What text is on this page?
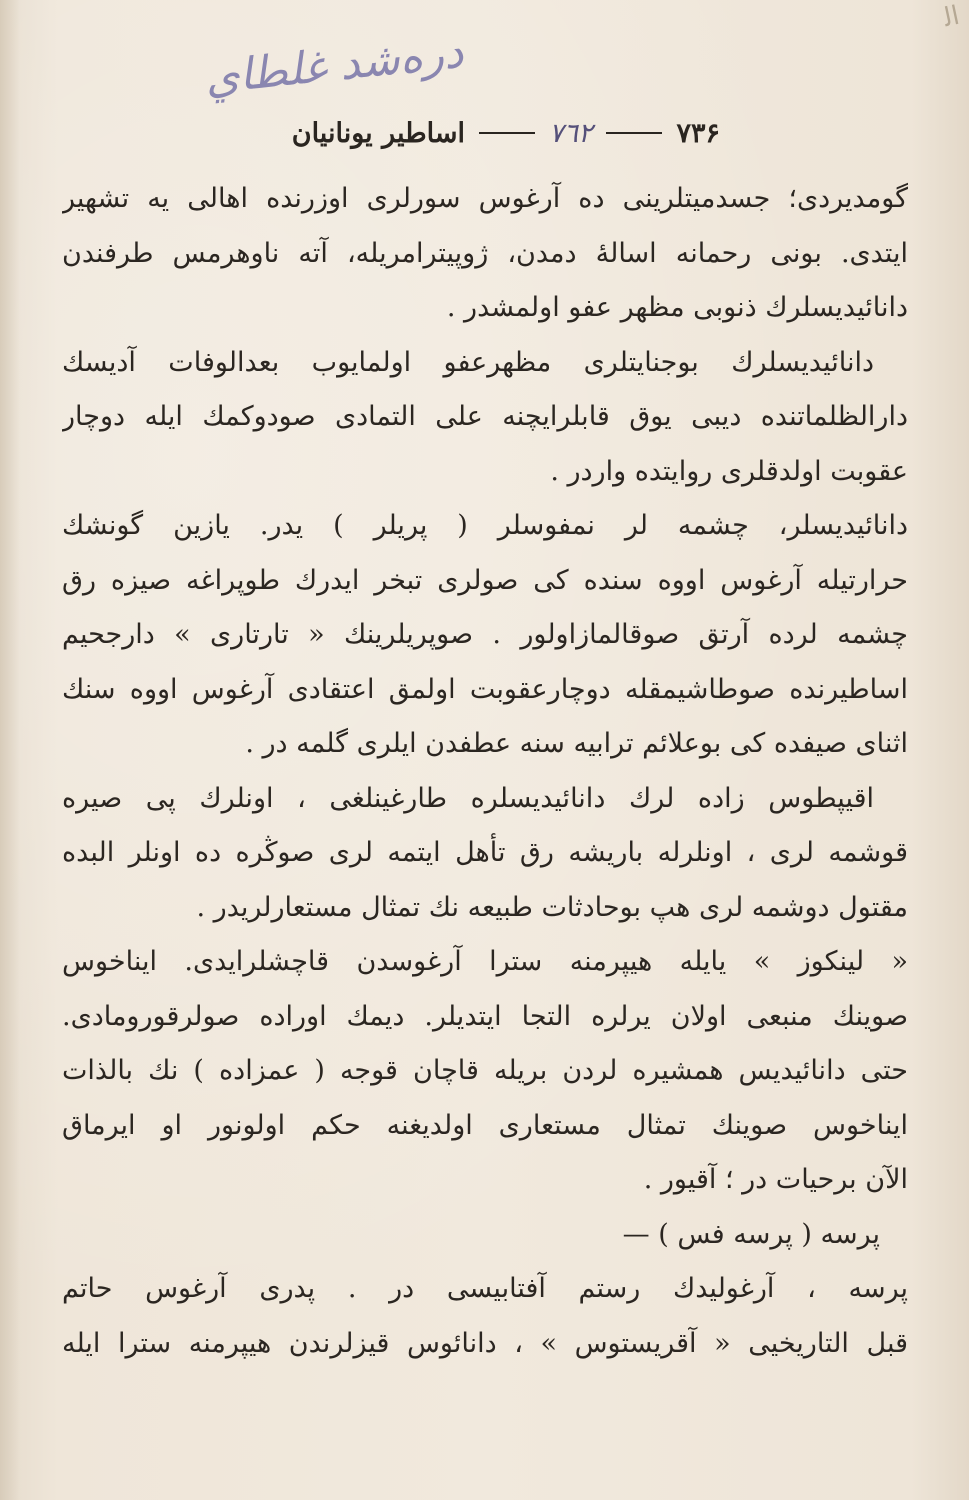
ﺍﻟ
دره‌شد غلطاي
۷۳۶
۷٦٢
اساطير يونانيان
گومديردی؛ جسدميتلرينی ده آرغوس سورلری اوزرنده اهالی يه تشهير
ايتدی. بونی رحمانه اسالهٔ دمدن، ژوپيترامريله، آته ناوهرمس طرفندن
دانائيديسلرك ذنوبی مظهر عفو اولمشدر .
دانائيديسلرك بوجنايتلری مظهرعفو اولمايوب بعدالوفات آديسك
دارالظلماتنده ديبی يوق قابلرايچنه علی التمادی صودوكمك ايله دوچار
عقوبت اولدقلری روايتده واردر .
دانائيديسلر، چشمه لر نمفوسلر ( پريلر ) یدر. يازين گونشك
حرارتيله آرغوس اووه سنده كی صولری تبخر ايدرك طوپراغه صيزه رق
چشمه لرده آرتق صوقالمازاولور . صوپريلرينك « تارتاری » دارجحيم
اساطيرنده صوطاشيمقله دوچارعقوبت اولمق اعتقادی آرغوس اووه سنك
اثنای صيفده كی بوعلائم ترابيه سنه عطفدن ايلری گلمه در .
اقيپطوس زاده لرك دانائيديسلره طارغينلغی ، اونلرك پی صيره
قوشمه لری ، اونلرله باريشه رق تأهل ايتمه لری صوڭره ده اونلر البده
مقتول دوشمه لری هپ بوحادثات طبيعه نك تمثال مستعارلريدر .
« لينكوز » یايله هيپرمنه سترا آرغوسدن قاچشلرايدی. ايناخوس
صوينك منبعی اولان يرلره التجا ايتديلر. ديمك اوراده صولرقورومادی.
حتی دانائيديس همشيره لردن بريله قاچان قوجه ( عمزاده ) نك بالذات
ايناخوس صوينك تمثال مستعاری اولديغنه حكم اولونور او ايرماق
الآن برحيات در ؛ آقيور .
پرسه ( پرسه فس ) —
پرسه ، آرغوليدك رستم آفتابيسی در . پدری آرغوس حاتم
قبل التاريخيی « آقريستوس » ، دانائوس قيزلرندن هيپرمنه سترا ايله
